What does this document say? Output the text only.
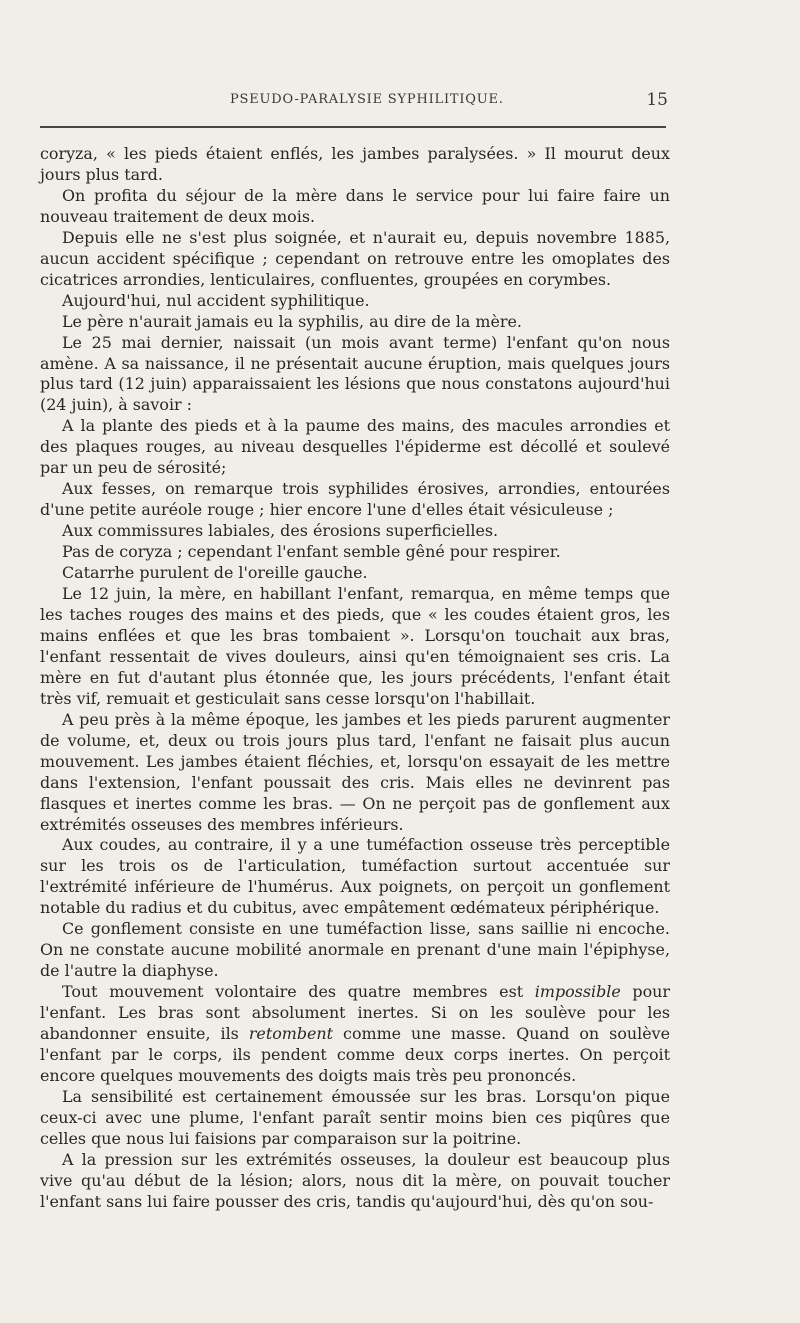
PSEUDO-PARALYSIE SYPHILITIQUE.	15

coryza, « les pieds étaient enflés, les jambes paralysées. » Il mourut deux jours plus tard.

On profita du séjour de la mère dans le service pour lui faire faire un nouveau traitement de deux mois.

Depuis elle ne s'est plus soignée, et n'aurait eu, depuis novembre 1885, aucun accident spécifique ; cependant on retrouve entre les omoplates des cicatrices arrondies, lenticulaires, confluentes, groupées en corymbes.

Aujourd'hui, nul accident syphilitique.

Le père n'aurait jamais eu la syphilis, au dire de la mère.

Le 25 mai dernier, naissait (un mois avant terme) l'enfant qu'on nous amène. A sa naissance, il ne présentait aucune éruption, mais quelques jours plus tard (12 juin) apparaissaient les lésions que nous constatons aujourd'hui (24 juin), à savoir :

A la plante des pieds et à la paume des mains, des macules arrondies et des plaques rouges, au niveau desquelles l'épiderme est décollé et soulevé par un peu de sérosité;

Aux fesses, on remarque trois syphilides érosives, arrondies, entourées d'une petite auréole rouge ; hier encore l'une d'elles était vésiculeuse ;

Aux commissures labiales, des érosions superficielles.

Pas de coryza ; cependant l'enfant semble gêné pour respirer.

Catarrhe purulent de l'oreille gauche.

Le 12 juin, la mère, en habillant l'enfant, remarqua, en même temps que les taches rouges des mains et des pieds, que « les coudes étaient gros, les mains enflées et que les bras tombaient ». Lorsqu'on touchait aux bras, l'enfant ressentait de vives douleurs, ainsi qu'en témoignaient ses cris. La mère en fut d'autant plus étonnée que, les jours précédents, l'enfant était très vif, remuait et gesticulait sans cesse lorsqu'on l'habillait.

A peu près à la même époque, les jambes et les pieds parurent augmenter de volume, et, deux ou trois jours plus tard, l'enfant ne faisait plus aucun mouvement. Les jambes étaient fléchies, et, lorsqu'on essayait de les mettre dans l'extension, l'enfant poussait des cris. Mais elles ne devinrent pas flasques et inertes comme les bras. — On ne perçoit pas de gonflement aux extrémités osseuses des membres inférieurs.

Aux coudes, au contraire, il y a une tuméfaction osseuse très perceptible sur les trois os de l'articulation, tuméfaction surtout accentuée sur l'extrémité inférieure de l'humérus. Aux poignets, on perçoit un gonflement notable du radius et du cubitus, avec empâtement œdémateux périphérique.

Ce gonflement consiste en une tuméfaction lisse, sans saillie ni encoche. On ne constate aucune mobilité anormale en prenant d'une main l'épiphyse, de l'autre la diaphyse.

Tout mouvement volontaire des quatre membres est impossible pour l'enfant. Les bras sont absolument inertes. Si on les soulève pour les abandonner ensuite, ils retombent comme une masse. Quand on soulève l'enfant par le corps, ils pendent comme deux corps inertes. On perçoit encore quelques mouvements des doigts mais très peu prononcés.

La sensibilité est certainement émoussée sur les bras. Lorsqu'on pique ceux-ci avec une plume, l'enfant paraît sentir moins bien ces piqûres que celles que nous lui faisions par comparaison sur la poitrine.

A la pression sur les extrémités osseuses, la douleur est beaucoup plus vive qu'au début de la lésion; alors, nous dit la mère, on pouvait toucher l'enfant sans lui faire pousser des cris, tandis qu'aujourd'hui, dès qu'on sou-
